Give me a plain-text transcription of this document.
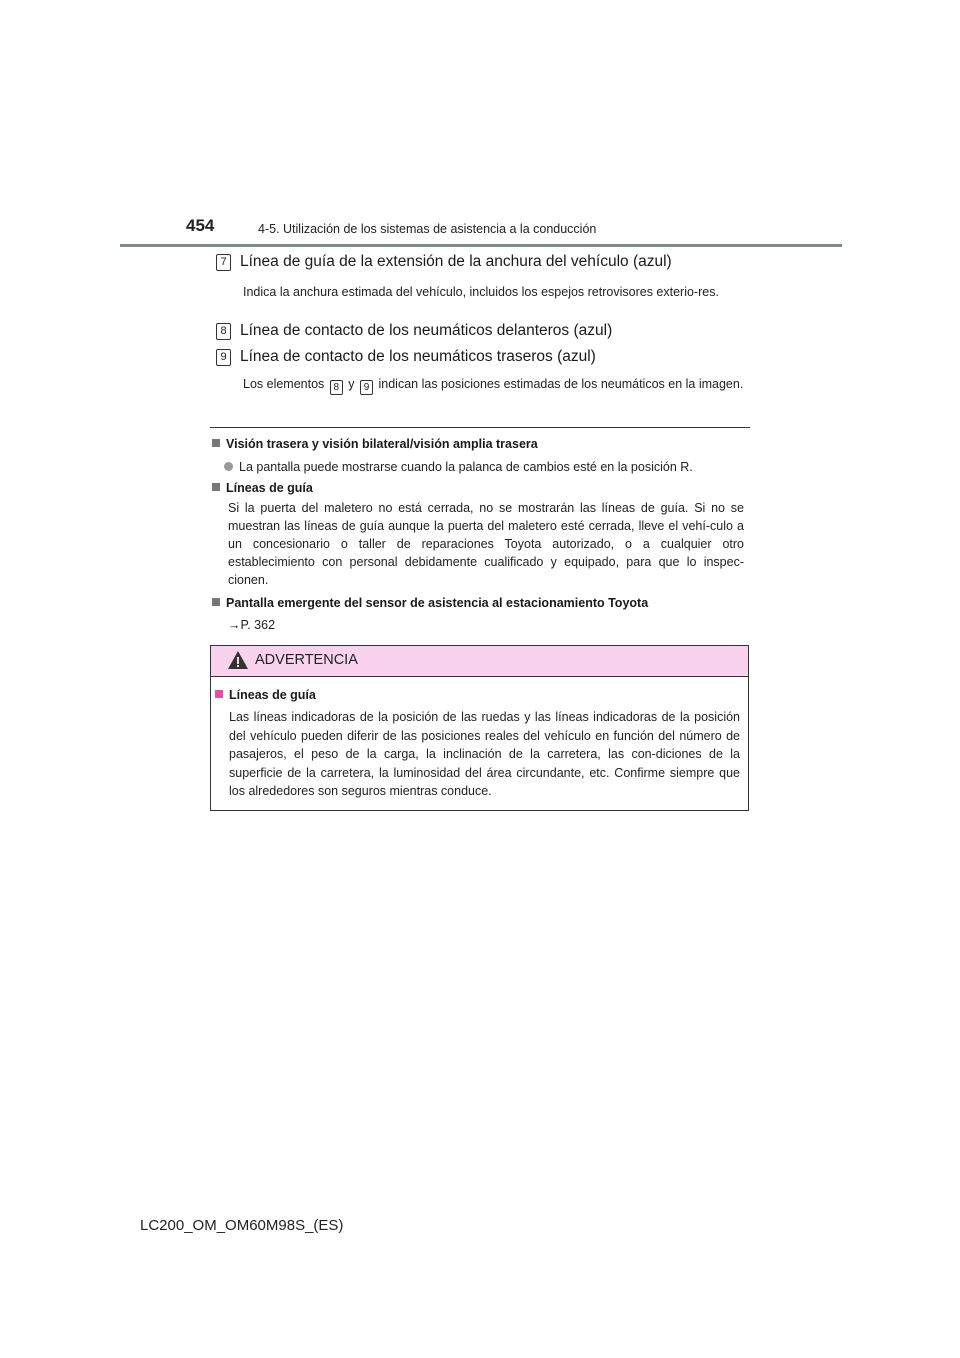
454	4-5. Utilización de los sistemas de asistencia a la conducción
7 Línea de guía de la extensión de la anchura del vehículo (azul)
Indica la anchura estimada del vehículo, incluidos los espejos retrovisores exterio-res.
8 Línea de contacto de los neumáticos delanteros (azul)
9 Línea de contacto de los neumáticos traseros (azul)
Los elementos 8 y 9 indican las posiciones estimadas de los neumáticos en la imagen.
Visión trasera y visión bilateral/visión amplia trasera
La pantalla puede mostrarse cuando la palanca de cambios esté en la posición R.
Líneas de guía
Si la puerta del maletero no está cerrada, no se mostrarán las líneas de guía. Si no se muestran las líneas de guía aunque la puerta del maletero esté cerrada, lleve el vehí-culo a un concesionario o taller de reparaciones Toyota autorizado, o a cualquier otro establecimiento con personal debidamente cualificado y equipado, para que lo inspec-cionen.
Pantalla emergente del sensor de asistencia al estacionamiento Toyota
→P. 362
ADVERTENCIA
Líneas de guía
Las líneas indicadoras de la posición de las ruedas y las líneas indicadoras de la posición del vehículo pueden diferir de las posiciones reales del vehículo en función del número de pasajeros, el peso de la carga, la inclinación de la carretera, las con-diciones de la superficie de la carretera, la luminosidad del área circundante, etc. Confirme siempre que los alrededores son seguros mientras conduce.
LC200_OM_OM60M98S_(ES)
